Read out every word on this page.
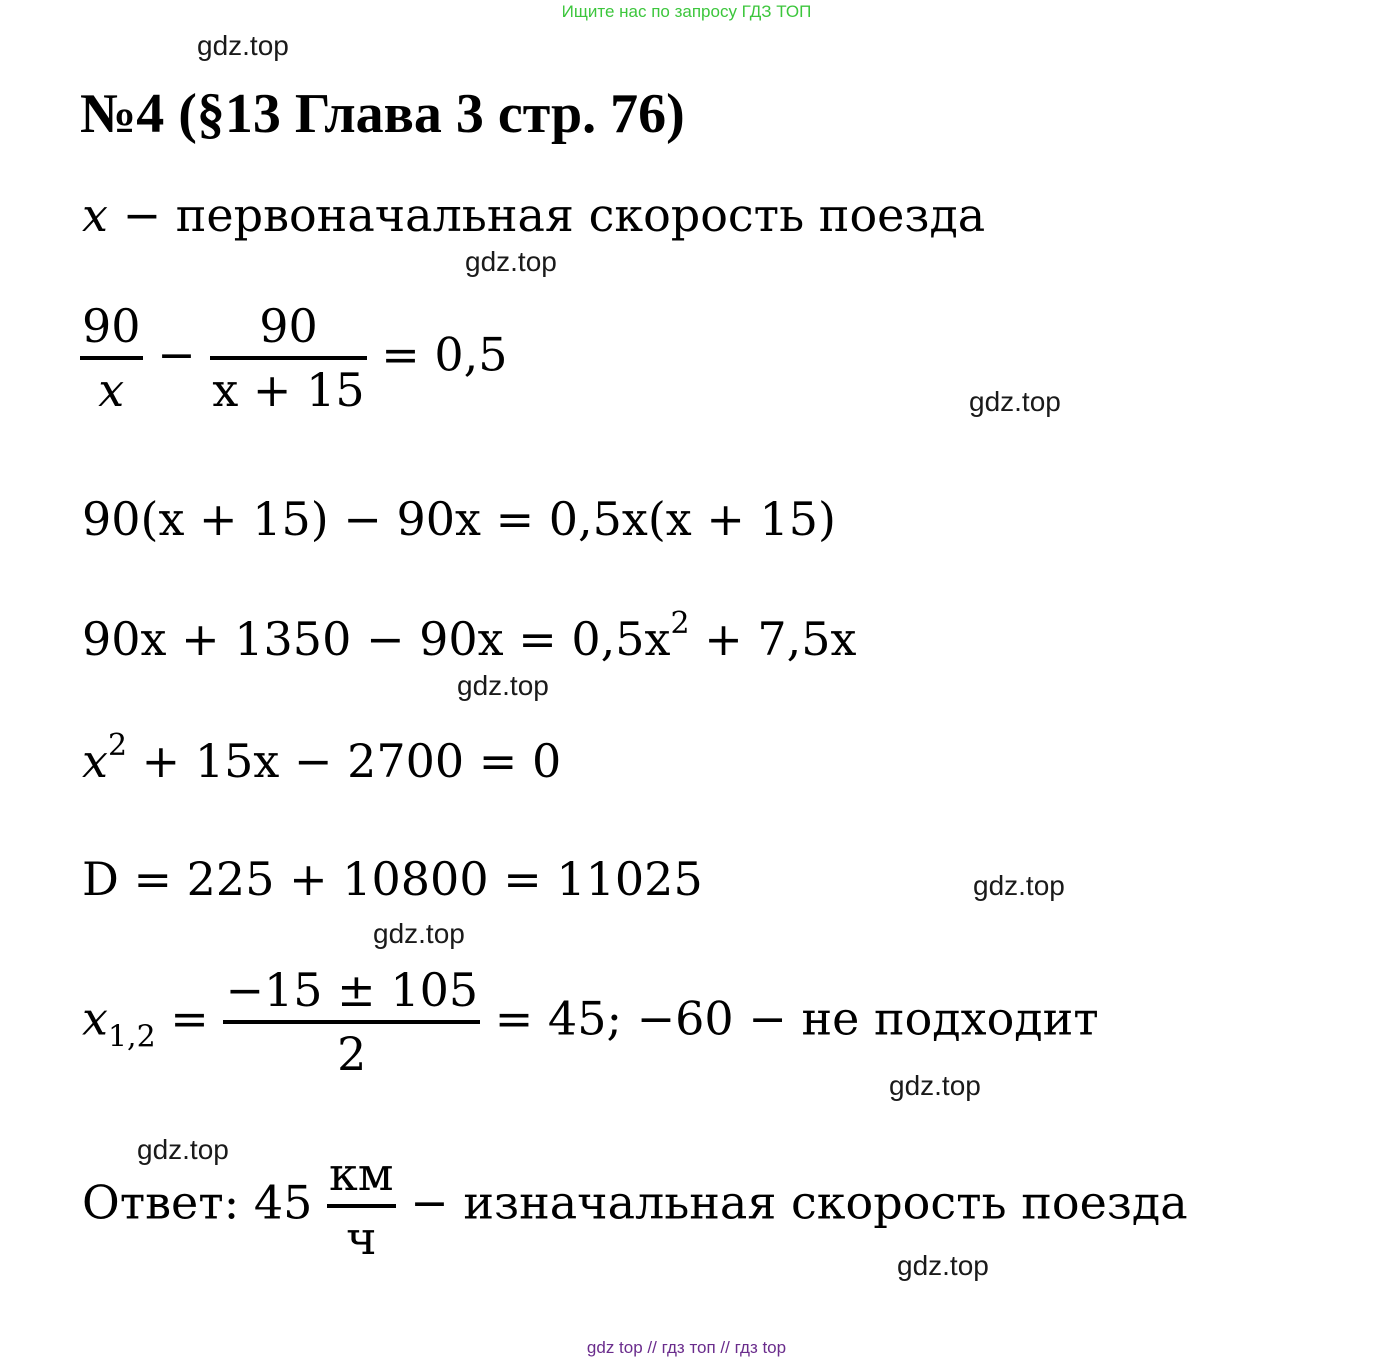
Ищите нас по запросу ГДЗ ТОП
gdz.top
gdz.top
gdz.top
gdz.top
gdz.top
gdz.top
gdz.top
gdz.top
gdz.top
№4 (§13 Глава 3 стр. 76)
x − первоначальная скорость поезда
$\frac{90}{x} - \frac{90}{x + 15} = 0,5$
90(x + 15) − 90x = 0,5x(x + 15)
$90x + 1350 - 90x = 0,5x^2 + 7,5x$
$x^2 + 15x - 2700 = 0$
D = 225 + 10800 = 11025
$x_{1,2} = \frac{-15 \pm 105}{2} = 45$; −60 − не подходит
Ответ: $45 \frac{км}{ч}$ − изначальная скорость поезда
gdz top // гдз топ // гдз top
